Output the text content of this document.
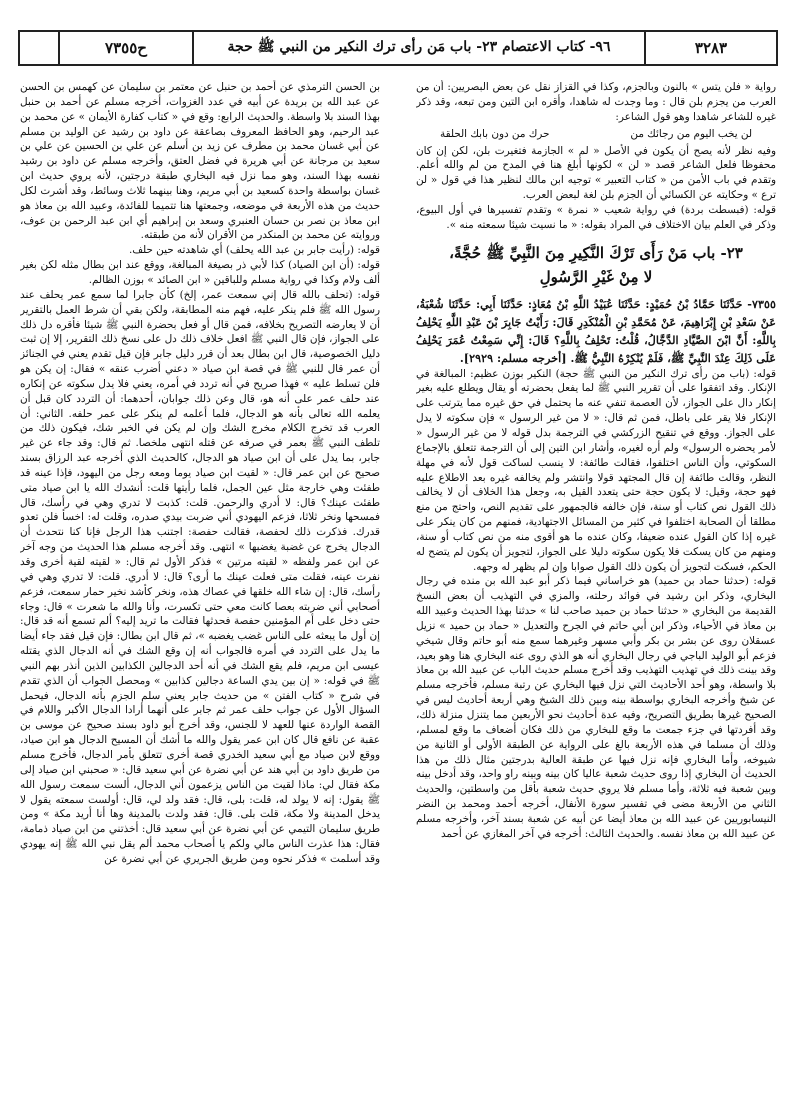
٣٢٨٣
٩٦- كتاب الاعتصام ٢٣- باب مَن رأى ترك النكير من النبي ﷺ حجة
ح٧٣٥٥

رواية « فلن يتس » بالنون وبالجزم، وكذا في القزاز نقل عن بعض البصريين: أن من العرب من يجزم بلن قال : وما وجدت له شاهدا، وأقره ابن التين ومن تبعه، وقد ذكر غيره للشاعر شاهدا وهو قول الشاعر:

لن يخب اليوم من رجائك من
حرك من دون بابك الحلقة

وفيه نظر لأنه يصح أن يكون في الأصل « لم » الجازمة فتغيرت بلن، لكن إن كان محفوظا فلعل الشاعر قصد « لن » لكونها أبلغ هنا في المدح من لم والله أعلم. وتقدم في باب الأمن من « كتاب التعبير » توجيه ابن مالك لنظير هذا في قول « لن ترع » وحكايته عن الكسائي أن الجزم بلن لغة لبعض العرب.

قوله: (فبسطت بردة) في رواية شعيب « نمرة » وتقدم تفسيرها في أول البيوع، وذكر في العلم بيان الاختلاف في المراد بقوله: « ما نسيت شيئا سمعته منه ».

٢٣- باب مَنْ رَأَى تَرْكَ النَّكِيرِ مِنَ النَّبِيِّ ﷺ حُجَّةً،
لا مِنْ غَيْرِ الرَّسُولِ

٧٣٥٥- حَدَّثَنَا حَمَّادُ بْنُ حُمَيْدٍ: حَدَّثَنَا عُبَيْدُ اللَّهِ بْنُ مُعَاذٍ: حَدَّثَنَا أَبِي: حَدَّثَنَا شُعْبَةُ، عَنْ سَعْدِ بْنِ إِبْرَاهِيمَ، عَنْ مُحَمَّدِ بْنِ الْمُنْكَدِرِ قَالَ: رَأَيْتُ جَابِرَ بْنَ عَبْدِ اللَّهِ يَحْلِفُ بِاللَّهِ: أَنَّ ابْنَ الصَّيَّادِ الدَّجَّالُ، قُلْتُ: تَحْلِفُ بِاللَّهِ؟ قَالَ: إِنِّي سَمِعْتُ عُمَرَ يَحْلِفُ عَلَى ذَلِكَ عِنْدَ النَّبِيِّ ﷺ، فَلَمْ يُنْكِرْهُ النَّبِيُّ ﷺ. [أخرجه مسلم: ٢٩٢٩].

قوله: (باب من رأى ترك النكير من النبي ﷺ حجة) النكير بوزن عظيم: المبالغة في الإنكار. وقد اتفقوا على أن تقرير النبي ﷺ لما يفعل بحضرته أو يقال ويطلع عليه بغير إنكار دال على الجواز، لأن العصمة تنفي عنه ما يحتمل في حق غيره مما يترتب على الإنكار فلا يقر على باطل، فمن ثم قال: « لا من غير الرسول » فإن سكوته لا يدل على الجواز. ووقع في تنقيح الزركشي في الترجمة بدل قوله لا من غير الرسول « لأمر يحضره الرسول» ولم أره لغيره، وأشار ابن التين إلى أن الترجمة تتعلق بالإجماع السكوتي، وأن الناس اختلفوا، فقالت طائفة: لا ينسب لساكت قول لأنه في مهلة النظر، وقالت طائفة إن قال المجتهد قولا وانتشر ولم يخالفه غيره بعد الاطلاع عليه فهو حجة، وقيل: لا يكون حجة حتى يتعدد القيل به، وجعل هذا الخلاف أن لا يخالف ذلك القول نص كتاب أو سنة، فإن خالفه فالجمهور على تقديم النص، واحتج من منع مطلقا أن الصحابة اختلفوا في كثير من المسائل الاجتهادية، فمنهم من كان ينكر على غيره إذا كان القول عنده ضعيفا، وكان عنده ما هو أقوى منه من نص كتاب أو سنة، ومنهم من كان يسكت فلا يكون سكوته دليلا على الجواز، لتجويز أن يكون لم يتضح له الحكم، فسكت لتجويز أن يكون ذلك القول صوابا وإن لم يظهر له وجهه.

قوله: (حدثنا حماد بن حميد) هو خراساني فيما ذكر أبو عبد الله بن منده في رجال البخاري، وذكر ابن رشيد في فوائد رحلته، والمزي في التهذيب أن بعض النسخ القديمة من البخاري « حدثنا حماد بن حميد صاحب لنا » حدثنا بهذا الحديث وعبيد الله بن معاذ في الأحياء، وذكر ابن أبي حاتم في الجرح والتعديل « حماد بن حميد » نزيل عسقلان روى عن بشر بن بكر وأبي مسهر وغيرهما سمع منه أبو حاتم وقال شيخي فزعم أبو الوليد الباجي في رجال البخاري أنه هو الذي روى عنه البخاري هنا وهو بعيد، وقد بينت ذلك في تهذيب التهذيب وقد أخرج مسلم حديث الباب عن عبيد الله بن معاذ بلا واسطة، وهو أحد الأحاديث التي نزل فيها البخاري عن رتبة مسلم، فأخرجه مسلم عن شيخ وأخرجه البخاري بواسطة بينه وبين ذلك الشيخ وهي أربعة أحاديث ليس في الصحيح غيرها بطريق التصريح، وفيه عدة أحاديث نحو الأربعين مما يتنزل منزلة ذلك، وقد أفردتها في جزء جمعت ما وقع للبخاري من ذلك فكان أضعاف ما وقع لمسلم، وذلك أن مسلما في هذه الأربعة بالغ على الرواية عن الطبقة الأولى أو الثانية من شيوخه، وأما البخاري فإنه نزل فيها عن طبقة العالية بدرجتين مثال ذلك من هذا الحديث أن البخاري إذا روى حديث شعبة عاليا كان بينه وبينه راو واحد، وقد أدخل بينه وبين شعبة فيه ثلاثة، وأما مسلم فلا يروي حديث شعبة بأقل من واسطتين، والحديث الثاني من الأربعة مضى في تفسير سورة الأنفال، أخرجه أحمد ومحمد بن النضر النيسابوريين عن عبيد الله بن معاذ أيضا عن أبيه عن شعبة بسند آخر، وأخرجه مسلم عن عبيد الله بن معاذ نفسه. والحديث الثالث: أخرجه في آخر المغازي عن أحمد

بن الحسن الترمذي عن أحمد بن حنبل عن معتمر بن سليمان عن كهمس بن الحسن عن عبد الله بن بريدة عن أبيه في عدد الغزوات، أخرجه مسلم عن أحمد بن حنبل بهذا السند بلا واسطة. والحديث الرابع: وقع في « كتاب كفارة الأيمان » عن محمد بن عبد الرحيم، وهو الحافظ المعروف بصاعقة عن داود بن رشيد عن الوليد بن مسلم عن أبي غسان محمد بن مطرف عن زيد بن أسلم عن علي بن الحسين عن علي بن سعيد بن مرجانة عن أبي هريرة في فضل العتق، وأخرجه مسلم عن داود بن رشيد نفسه بهذا السند، وهو مما نزل فيه البخاري طبقة درجتين، لأنه يروي حديث ابن غسان بواسطة واحدة كسعيد بن أبي مريم، وهنا بينهما ثلاث وسائط، وقد أشرت لكل حديث من هذه الأربعة في موضعه، وجمعتها هنا تتميما للفائدة، وعبيد الله بن معاذ هو ابن معاذ بن نصر بن حسان العنبري وسعد بن إبراهيم أي ابن عبد الرحمن بن عوف، وروايته عن محمد بن المنكدر من الأقران لأنه من طبقته.

قوله: (رأيت جابر بن عبد الله يحلف) أي شاهدته حين حلف.

قوله: (أن ابن الصياد) كذا لأبي ذر بصيغة المبالغة، ووقع عند ابن بطال مثله لكن بغير ألف ولام وكذا في رواية مسلم وللباقين « ابن الصائد » بوزن الظالم.

قوله: (تحلف بالله قال إني سمعت عمر، إلخ) كأن جابرا لما سمع عمر يحلف عند رسول الله ﷺ فلم ينكر عليه، فهم منه المطابقة، ولكن بقي أن شرط العمل بالتقرير أن لا يعارضه التصريح بخلافه، فمن قال أو فعل بحضرة النبي ﷺ شيئا فأقره دل ذلك على الجواز، فإن قال النبي ﷺ افعل خلاف ذلك دل على نسخ ذلك التقرير، إلا إن ثبت دليل الخصوصية، قال ابن بطال بعد أن قرر دليل جابر فإن قيل تقدم يعني في الجنائز أن عمر قال للنبي ﷺ في قصة ابن صياد « دعني أضرب عنقه » فقال: إن يكن هو فلن تسلط عليه » فهذا صريح في أنه تردد في أمره، يعني فلا يدل سكوته عن إنكاره عند حلف عمر على أنه هو، قال وعن ذلك جوابان، أحدهما: أن التردد كان قبل أن يعلمه الله تعالى بأنه هو الدجال، فلما أعلمه لم ينكر على عمر حلفه. الثاني: أن العرب قد تخرج الكلام مخرج الشك وإن لم يكن في الخبر شك، فيكون ذلك من تلطف النبي ﷺ بعمر في صرفه عن قتله انتهى ملخصا. ثم قال: وقد جاء عن غير جابر، بما يدل على أن ابن صياد هو الدجال، كالحديث الذي أخرجه عبد الرزاق بسند صحيح عن ابن عمر قال: « لقيت ابن صياد يوما ومعه رجل من اليهود، فإذا عينه قد طفئت وهي خارجة مثل عين الجمل، فلما رأيتها قلت: أنشدك الله يا ابن صياد متى طفئت عينك؟ قال: لا أدري والرحمن. قلت: كذبت لا تدري وهي في رأسك، قال فمسحها ونخر ثلاثا، فزعم اليهودي أني ضربت بيدي صدره، وقلت له: اخسأ فلن تعدو قدرك. فذكرت ذلك لحفصة، فقالت حفصة: اجتنب هذا الرجل فإنا كنا نتحدث أن الدجال يخرج عن غضبة يغضبها » انتهى. وقد أخرجه مسلم هذا الحديث من وجه آخر عن ابن عمر ولفظه « لقيته مرتين » فذكر الأول ثم قال: « لقيته لقية أخرى وقد نفرت عينه، فقلت متى فعلت عينك ما أرى؟ قال: لا أدري. قلت: لا تدري وهي في رأسك، قال: إن شاء الله خلقها في عصاك هذه، ونخر كأشد نخير حمار سمعت، فزعم أصحابي أني ضربته بعصا كانت معي حتى تكسرت، وأنا والله ما شعرت » قال: وجاء حتى دخل على أم المؤمنين حفصة فحدثها فقالت ما تريد إليه؟ ألم تسمع أنه قد قال: إن أول ما يبعثه على الناس غضب يغضبه »، ثم قال ابن بطال: فإن قيل فقد جاء أيضا ما يدل على التردد في أمره فالجواب أنه إن وقع الشك في أنه الدجال الذي يقتله عيسى ابن مريم، فلم يقع الشك في أنه أحد الدجالين الكذابين الذين أنذر بهم النبي ﷺ في قوله: « إن بين يدي الساعة دجالين كذابين » ومحصل الجواب أن الذي تقدم في شرح « كتاب الفتن » من حديث جابر يعني سلم الجزم بأنه الدجال، فيحمل السؤال الأول عن جواب حلف عمر ثم جابر على أنهما أرادا الدجال الأكبر واللام في القصة الواردة عنها للعهد لا للجنس، وقد أخرج أبو داود بسند صحيح عن موسى بن عقبة عن نافع قال كان ابن عمر يقول والله ما أشك أن المسيح الدجال هو ابن صياد، ووقع لابن صياد مع أبي سعيد الخدري قصة أخرى تتعلق بأمر الدجال، فأخرج مسلم من طريق داود بن أبي هند عن أبي نضرة عن أبي سعيد قال: « صحبني ابن صياد إلى مكة فقال لي: ماذا لقيت من الناس يزعمون أني الدجال، ألست سمعت رسول الله ﷺ يقول: إنه لا يولد له، قلت: بلى، قال: فقد ولد لي، قال: أولست سمعته يقول لا يدخل المدينة ولا مكة، قلت بلى. قال: فقد ولدت بالمدينة وها أنا أريد مكة » ومن طريق سليمان التيمي عن أبي نضرة عن أبي سعيد قال: أخذتني من ابن صياد ذمامة، فقال: هذا عذرت الناس مالي ولكم يا أصحاب محمد ألم يقل نبي الله ﷺ إنه يهودي وقد أسلمت » فذكر نحوه ومن طريق الجريري عن أبي نضرة عن
